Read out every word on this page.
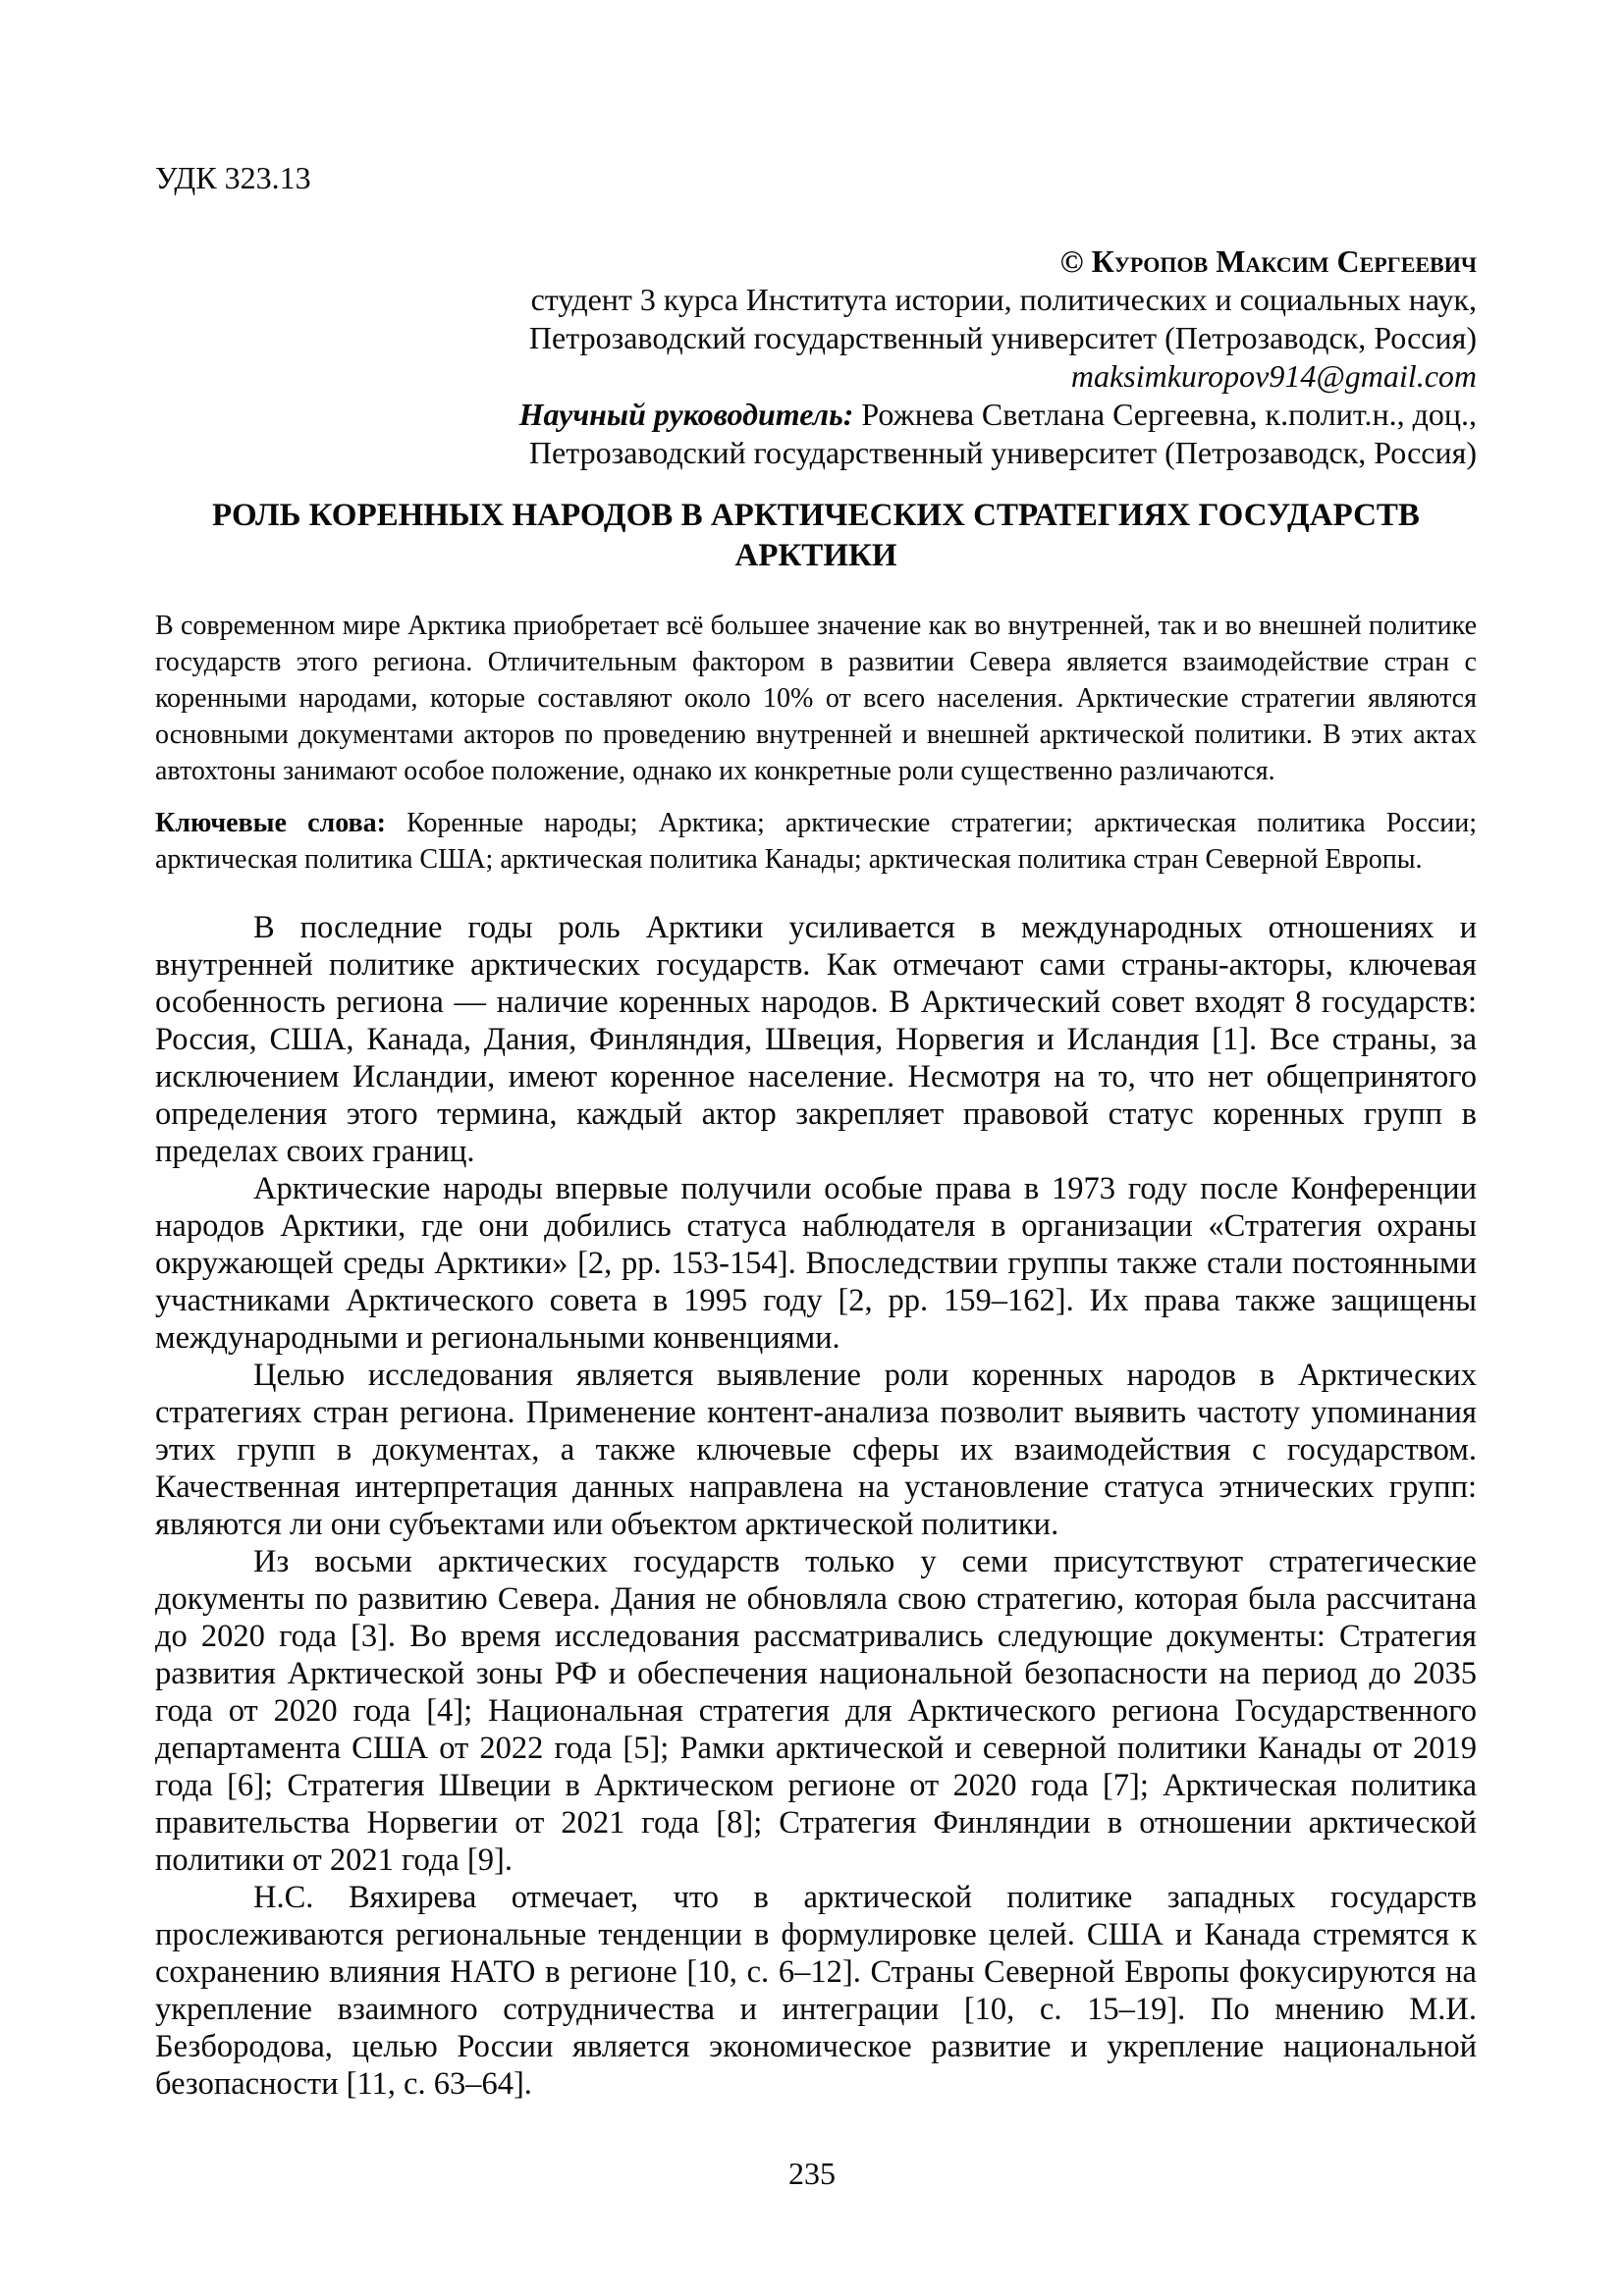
УДК 323.13
© Куропов Максим Сергеевич
студент 3 курса Института истории, политических и социальных наук,
Петрозаводский государственный университет (Петрозаводск, Россия)
maksimkuropov914@gmail.com
Научный руководитель: Рожнева Светлана Сергеевна, к.полит.н., доц.,
Петрозаводский государственный университет (Петрозаводск, Россия)
РОЛЬ КОРЕННЫХ НАРОДОВ В АРКТИЧЕСКИХ СТРАТЕГИЯХ ГОСУДАРСТВ АРКТИКИ

В современном мире Арктика приобретает всё большее значение как во внутренней, так и во внешней политике государств этого региона. Отличительным фактором в развитии Севера является взаимодействие стран с коренными народами, которые составляют около 10% от всего населения. Арктические стратегии являются основными документами акторов по проведению внутренней и внешней арктической политики. В этих актах автохтоны занимают особое положение, однако их конкретные роли существенно различаются.

Ключевые слова: Коренные народы; Арктика; арктические стратегии; арктическая политика России; арктическая политика США; арктическая политика Канады; арктическая политика стран Северной Европы.

В последние годы роль Арктики усиливается в международных отношениях и внутренней политике арктических государств. Как отмечают сами страны-акторы, ключевая особенность региона — наличие коренных народов. В Арктический совет входят 8 государств: Россия, США, Канада, Дания, Финляндия, Швеция, Норвегия и Исландия [1]. Все страны, за исключением Исландии, имеют коренное население. Несмотря на то, что нет общепринятого определения этого термина, каждый актор закрепляет правовой статус коренных групп в пределах своих границ.

Арктические народы впервые получили особые права в 1973 году после Конференции народов Арктики, где они добились статуса наблюдателя в организации «Стратегия охраны окружающей среды Арктики» [2, pp. 153-154]. Впоследствии группы также стали постоянными участниками Арктического совета в 1995 году [2, pp. 159–162]. Их права также защищены международными и региональными конвенциями.

Целью исследования является выявление роли коренных народов в Арктических стратегиях стран региона. Применение контент-анализа позволит выявить частоту упоминания этих групп в документах, а также ключевые сферы их взаимодействия с государством. Качественная интерпретация данных направлена на установление статуса этнических групп: являются ли они субъектами или объектом арктической политики.

Из восьми арктических государств только у семи присутствуют стратегические документы по развитию Севера. Дания не обновляла свою стратегию, которая была рассчитана до 2020 года [3]. Во время исследования рассматривались следующие документы: Стратегия развития Арктической зоны РФ и обеспечения национальной безопасности на период до 2035 года от 2020 года [4]; Национальная стратегия для Арктического региона Государственного департамента США от 2022 года [5]; Рамки арктической и северной политики Канады от 2019 года [6]; Стратегия Швеции в Арктическом регионе от 2020 года [7]; Арктическая политика правительства Норвегии от 2021 года [8]; Стратегия Финляндии в отношении арктической политики от 2021 года [9].

Н.С. Вяхирева отмечает, что в арктической политике западных государств прослеживаются региональные тенденции в формулировке целей. США и Канада стремятся к сохранению влияния НАТО в регионе [10, с. 6–12]. Страны Северной Европы фокусируются на укрепление взаимного сотрудничества и интеграции [10, с. 15–19]. По мнению М.И. Безбородова, целью России является экономическое развитие и укрепление национальной безопасности [11, с. 63–64].

235
